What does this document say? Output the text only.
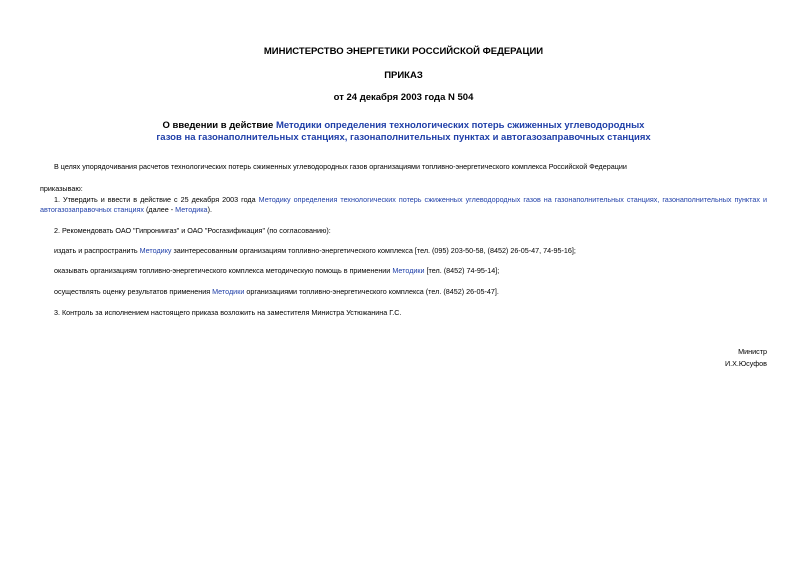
МИНИСТЕРСТВО ЭНЕРГЕТИКИ РОССИЙСКОЙ ФЕДЕРАЦИИ
ПРИКАЗ
от 24 декабря 2003 года N 504
О введении в действие Методики определения технологических потерь сжиженных углеводородных
газов на газонаполнительных станциях, газонаполнительных пунктах и автогазозаправочных станциях
В целях упорядочивания расчетов технологических потерь сжиженных углеводородных газов организациями топливно-энергетического комплекса Российской Федерации
приказываю:
1. Утвердить и ввести в действие с 25 декабря 2003 года Методику определения технологических потерь сжиженных углеводородных газов на газонаполнительных станциях, газонаполнительных пунктах и автогазозаправочных станциях (далее - Методика).
2. Рекомендовать ОАО "Гипрониигаз" и ОАО "Росгазификация" (по согласованию):
издать и распространить Методику заинтересованным организациям топливно-энергетического комплекса [тел. (095) 203-50-58, (8452) 26-05-47, 74-95-16];
оказывать организациям топливно-энергетического комплекса методическую помощь в применении Методики [тел. (8452) 74-95-14];
осуществлять оценку результатов применения Методики организациями топливно-энергетического комплекса (тел. (8452) 26-05-47].
3. Контроль за исполнением настоящего приказа возложить на заместителя Министра Устюжанина Г.С.
Министр
И.Х.Юсуфов
